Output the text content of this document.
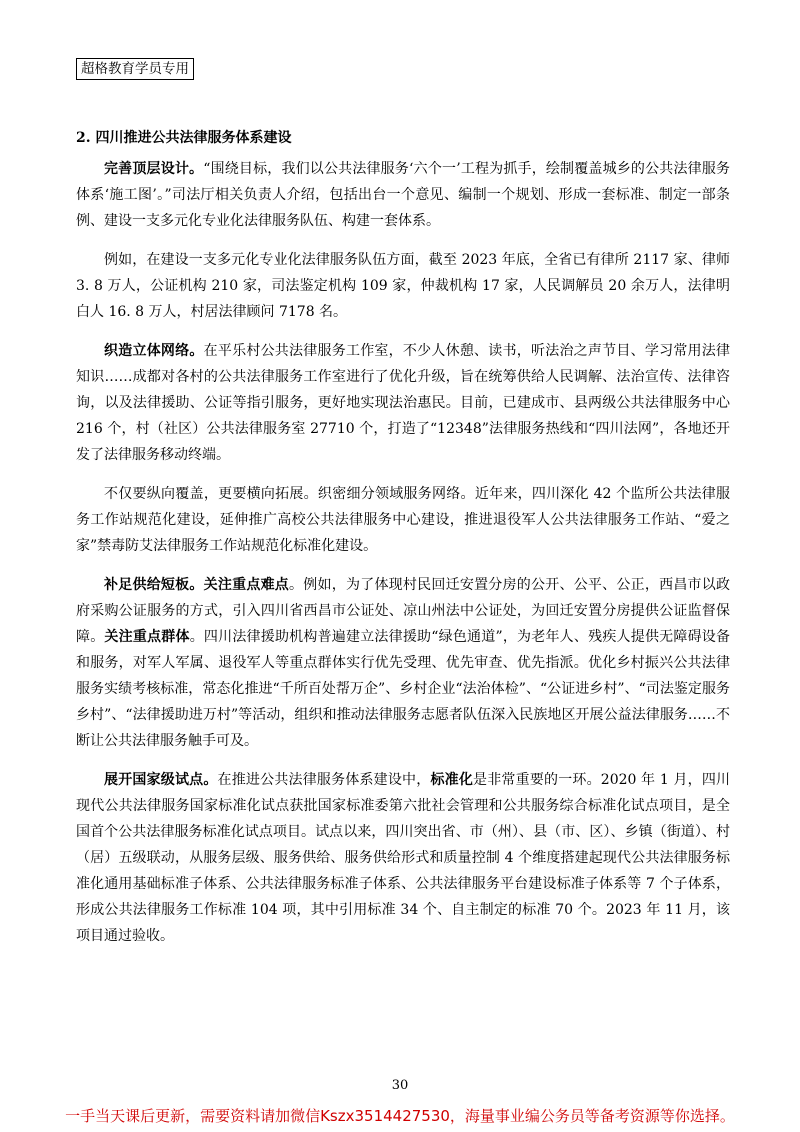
超格教育学员专用
2. 四川推进公共法律服务体系建设

完善顶层设计。“围绕目标，我们以公共法律服务‘六个一’工程为抓手，绘制覆盖城乡的公共法律服务体系‘施工图’。”司法厅相关负责人介绍，包括出台一个意见、编制一个规划、形成一套标准、制定一部条例、建设一支多元化专业化法律服务队伍、构建一套体系。

例如，在建设一支多元化专业化法律服务队伍方面，截至 2023 年底，全省已有律所 2117 家、律师 3. 8 万人，公证机构 210 家，司法鉴定机构 109 家，仲裁机构 17 家，人民调解员 20 余万人，法律明白人 16. 8 万人，村居法律顾问 7178 名。

织造立体网络。在平乐村公共法律服务工作室，不少人休憩、读书，听法治之声节目、学习常用法律知识……成都对各村的公共法律服务工作室进行了优化升级，旨在统筹供给人民调解、法治宣传、法律咨询，以及法律援助、公证等指引服务，更好地实现法治惠民。目前，已建成市、县两级公共法律服务中心 216 个，村（社区）公共法律服务室 27710 个，打造了“12348”法律服务热线和“四川法网”，各地还开发了法律服务移动终端。

不仅要纵向覆盖，更要横向拓展。织密细分领域服务网络。近年来，四川深化 42 个监所公共法律服务工作站规范化建设，延伸推广高校公共法律服务中心建设，推进退役军人公共法律服务工作站、“爱之家”禁毒防艾法律服务工作站规范化标准化建设。

补足供给短板。关注重点难点。例如，为了体现村民回迁安置分房的公开、公平、公正，西昌市以政府采购公证服务的方式，引入四川省西昌市公证处、凉山州法中公证处，为回迁安置分房提供公证监督保障。关注重点群体。四川法律援助机构普遍建立法律援助“绿色通道”，为老年人、残疾人提供无障碍设备和服务，对军人军属、退役军人等重点群体实行优先受理、优先审查、优先指派。优化乡村振兴公共法律服务实绩考核标准，常态化推进“千所百处帮万企”、乡村企业“法治体检”、“公证进乡村”、“司法鉴定服务乡村”、“法律援助进万村”等活动，组织和推动法律服务志愿者队伍深入民族地区开展公益法律服务……不断让公共法律服务触手可及。

展开国家级试点。在推进公共法律服务体系建设中，标准化是非常重要的一环。2020 年 1 月，四川现代公共法律服务国家标准化试点获批国家标准委第六批社会管理和公共服务综合标准化试点项目，是全国首个公共法律服务标准化试点项目。试点以来，四川突出省、市（州）、县（市、区）、乡镇（街道）、村（居）五级联动，从服务层级、服务供给、服务供给形式和质量控制 4 个维度搭建起现代公共法律服务标准化通用基础标准子体系、公共法律服务标准子体系、公共法律服务平台建设标准子体系等 7 个子体系，形成公共法律服务工作标准 104 项，其中引用标准 34 个、自主制定的标准 70 个。2023 年 11 月，该项目通过验收。

30
一手当天课后更新，需要资料请加微信Kszx3514427530，海量事业编公务员等备考资源等你选择。
